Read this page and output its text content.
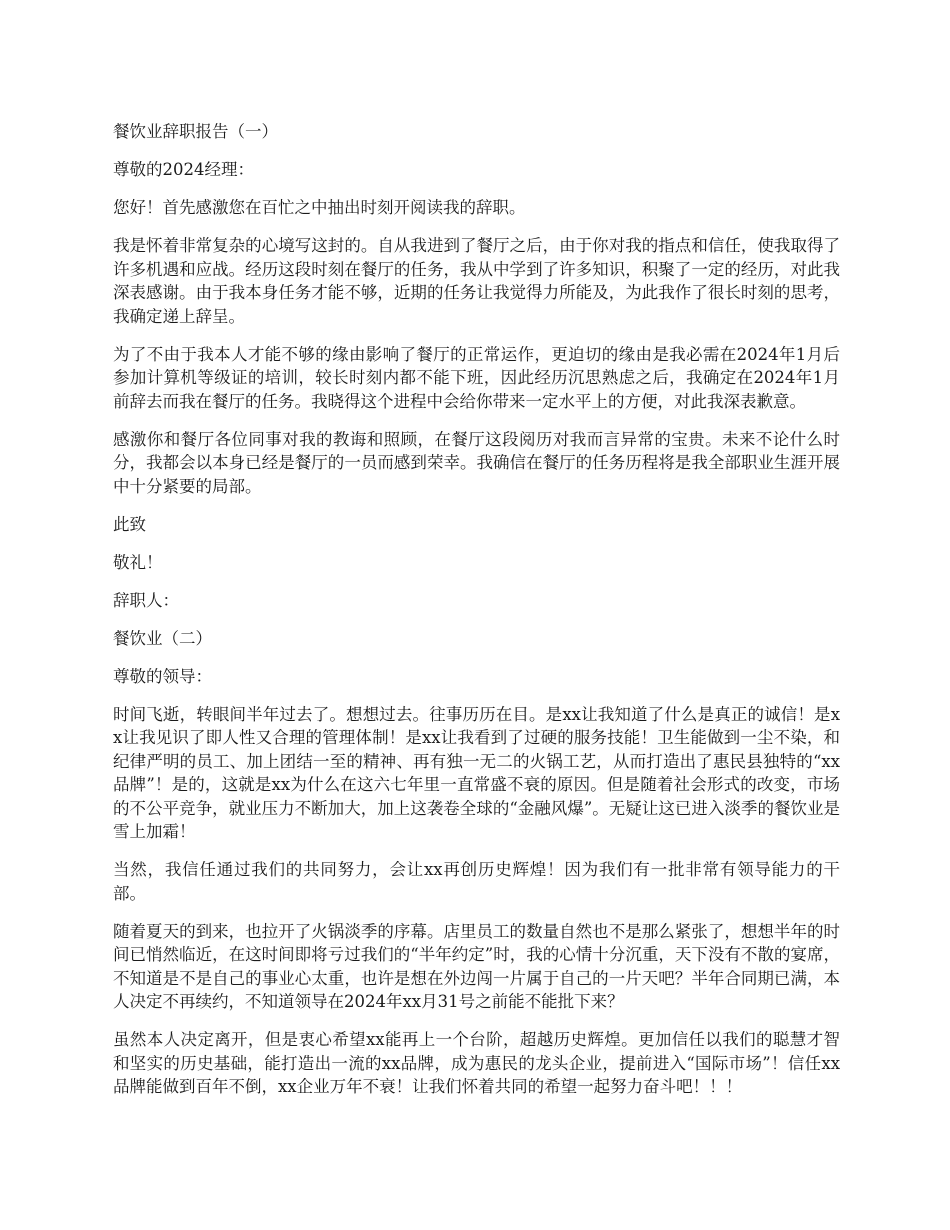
餐饮业辞职报告（一）

尊敬的2024经理：

您好！首先感激您在百忙之中抽出时刻开阅读我的辞职。

我是怀着非常复杂的心境写这封的。自从我进到了餐厅之后，由于你对我的指点和信任，使我取得了许多机遇和应战。经历这段时刻在餐厅的任务，我从中学到了许多知识，积聚了一定的经历，对此我深表感谢。由于我本身任务才能不够，近期的任务让我觉得力所能及，为此我作了很长时刻的思考，我确定递上辞呈。

为了不由于我本人才能不够的缘由影响了餐厅的正常运作，更迫切的缘由是我必需在2024年1月后参加计算机等级证的培训，较长时刻内都不能下班，因此经历沉思熟虑之后，我确定在2024年1月前辞去而我在餐厅的任务。我晓得这个进程中会给你带来一定水平上的方便，对此我深表歉意。

感激你和餐厅各位同事对我的教诲和照顾，在餐厅这段阅历对我而言异常的宝贵。未来不论什么时分，我都会以本身已经是餐厅的一员而感到荣幸。我确信在餐厅的任务历程将是我全部职业生涯开展中十分紧要的局部。

此致

敬礼！

辞职人：

餐饮业（二）

尊敬的领导：

时间飞逝，转眼间半年过去了。想想过去。往事历历在目。是xx让我知道了什么是真正的诚信！是xx让我见识了即人性又合理的管理体制！是xx让我看到了过硬的服务技能！卫生能做到一尘不染，和纪律严明的员工、加上团结一至的精神、再有独一无二的火锅工艺，从而打造出了惠民县独特的“xx品牌”！是的，这就是xx为什么在这六七年里一直常盛不衰的原因。但是随着社会形式的改变，市场的不公平竞争，就业压力不断加大，加上这袭卷全球的“金融风爆”。无疑让这已进入淡季的餐饮业是雪上加霜！

当然，我信任通过我们的共同努力，会让xx再创历史辉煌！因为我们有一批非常有领导能力的干部。

随着夏天的到来，也拉开了火锅淡季的序幕。店里员工的数量自然也不是那么紧张了，想想半年的时间已悄然临近，在这时间即将亏过我们的“半年约定”时，我的心情十分沉重，天下没有不散的宴席，不知道是不是自己的事业心太重，也许是想在外边闯一片属于自己的一片天吧？半年合同期已满，本人决定不再续约，不知道领导在2024年xx月31号之前能不能批下来？

虽然本人决定离开，但是衷心希望xx能再上一个台阶，超越历史辉煌。更加信任以我们的聪慧才智和坚实的历史基础，能打造出一流的xx品牌，成为惠民的龙头企业，提前进入“国际市场”！信任xx品牌能做到百年不倒，xx企业万年不衰！让我们怀着共同的希望一起努力奋斗吧！！！
